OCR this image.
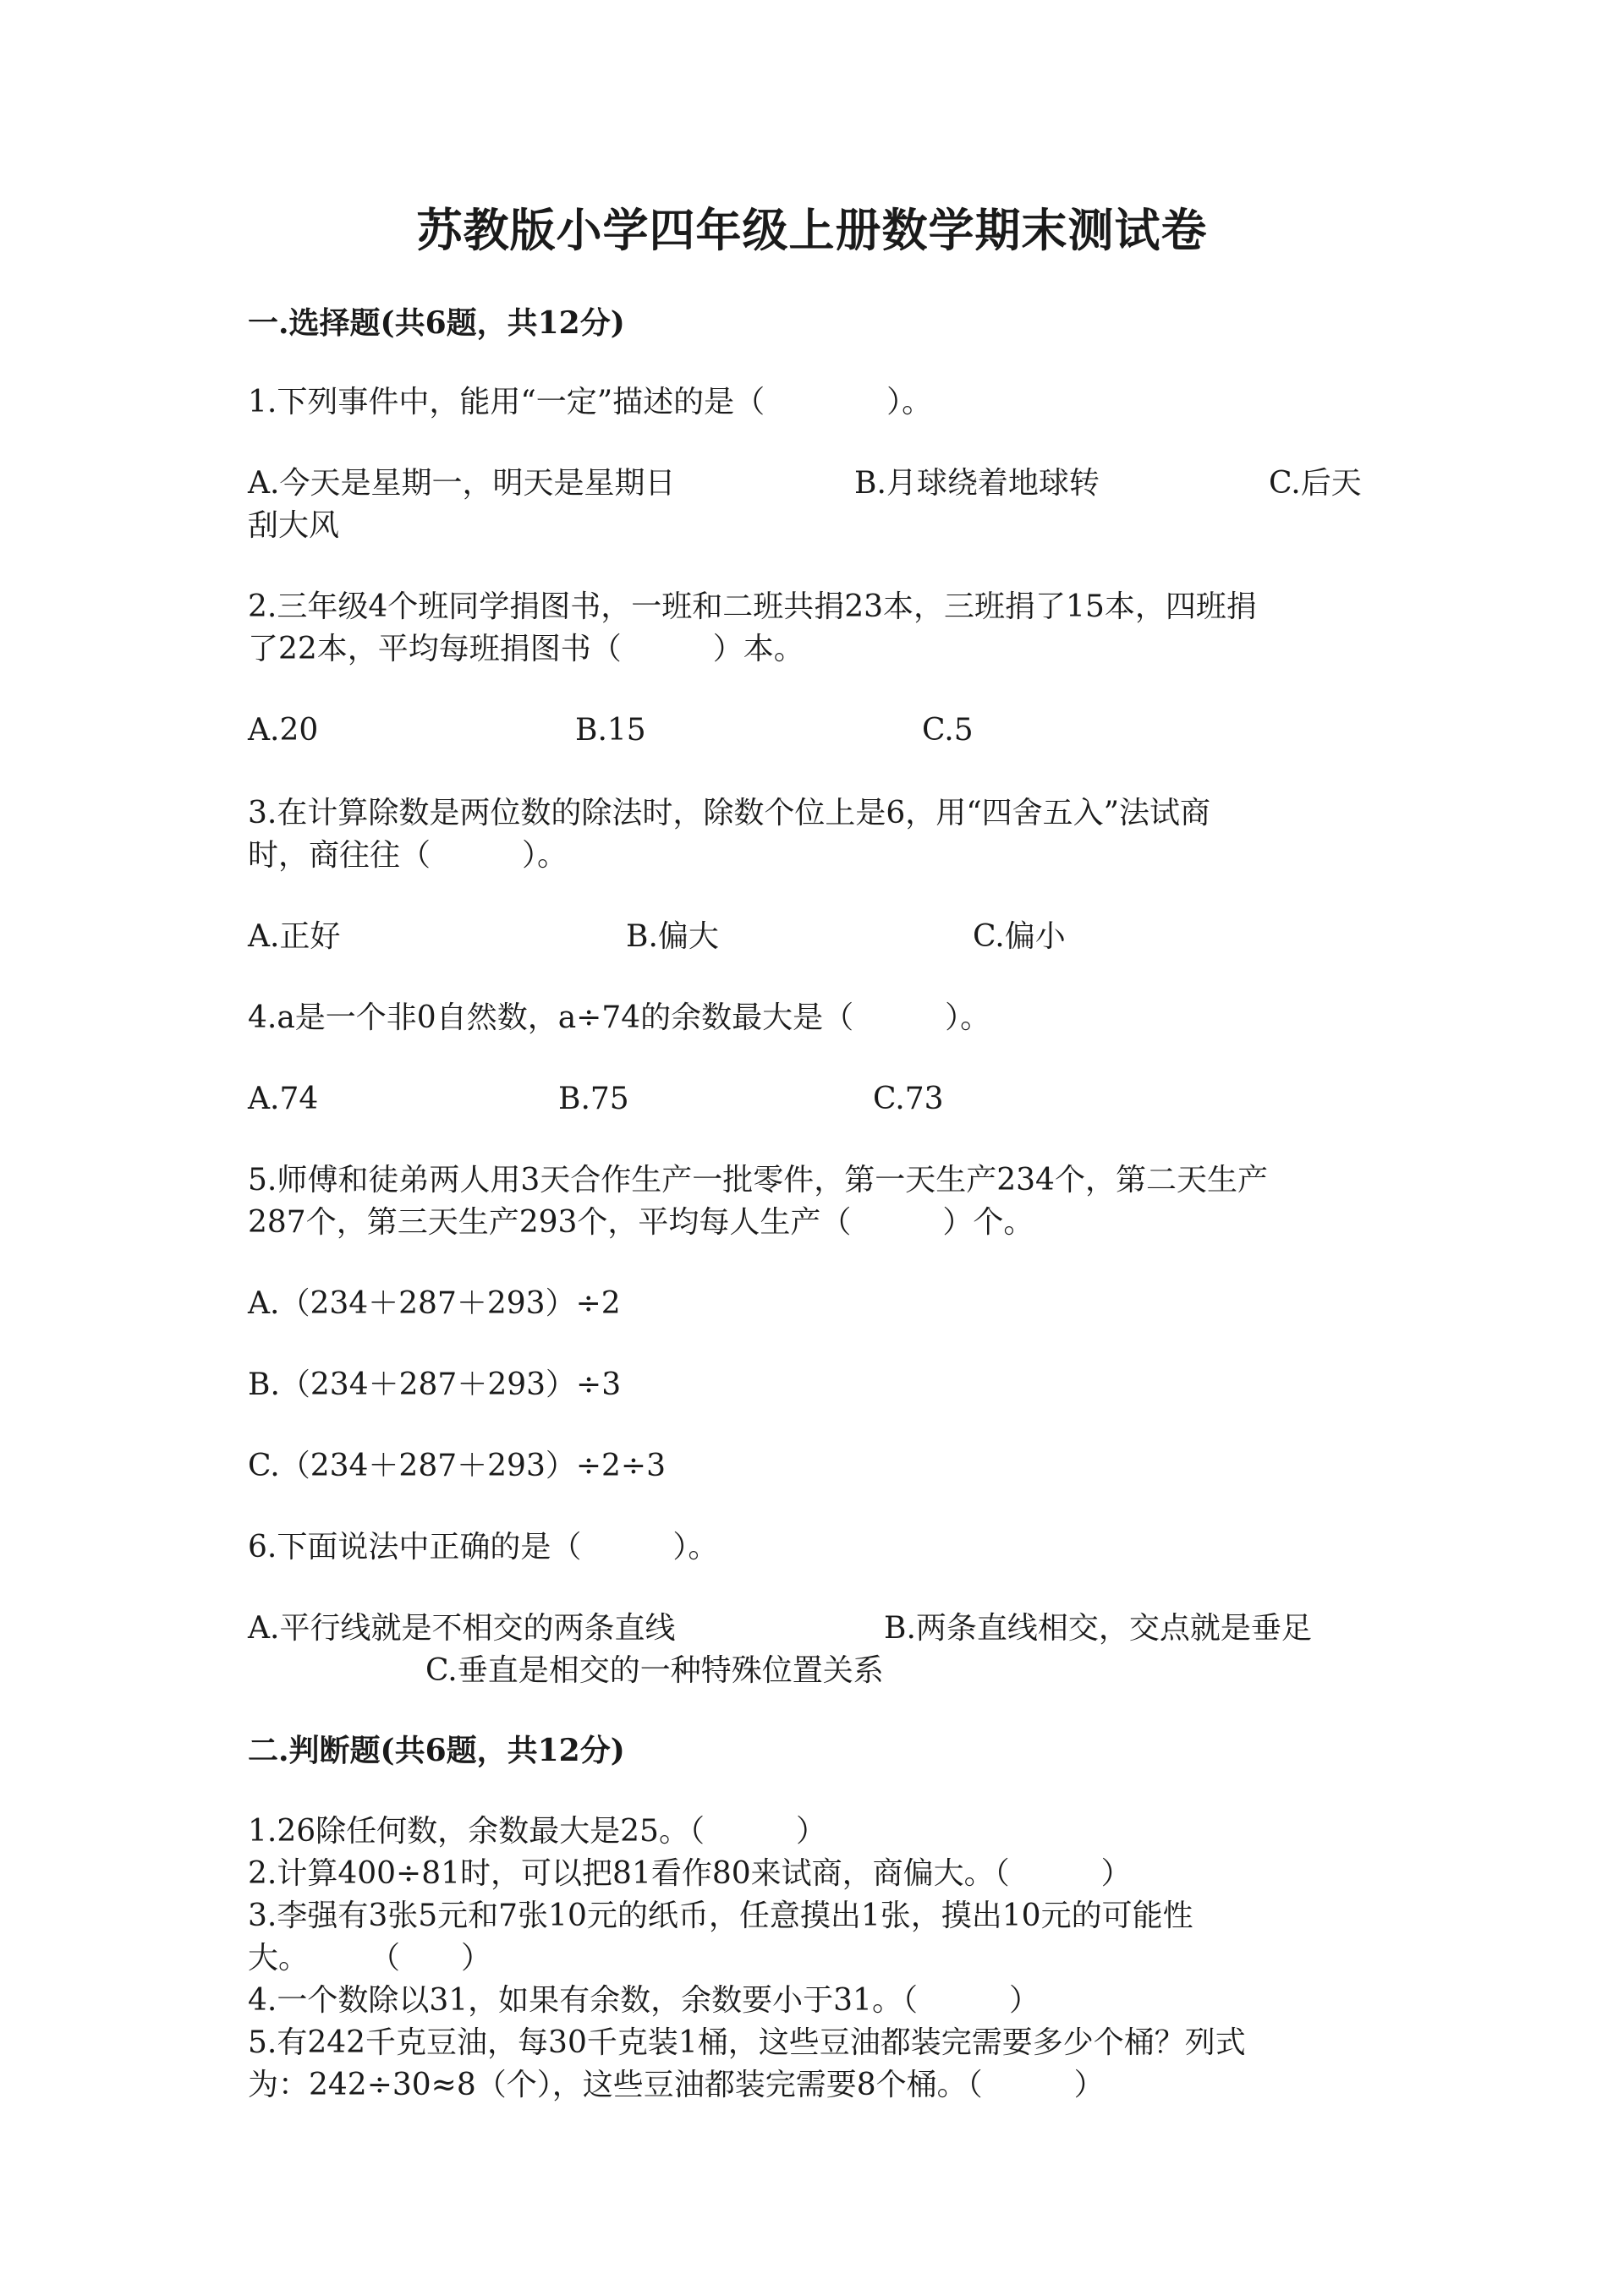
苏教版小学四年级上册数学期末测试卷
一.选择题(共6题，共12分)
1.下列事件中，能用“一定”描述的是（　　　　）。
A.今天是星期一，明天是星期日	B.月球绕着地球转	C.后天
刮大风
2.三年级4个班同学捐图书，一班和二班共捐23本，三班捐了15本，四班捐
了22本，平均每班捐图书（　　　）本。
A.20	B.15	C.5
3.在计算除数是两位数的除法时，除数个位上是6，用“四舍五入”法试商
时，商往往（　　　）。
A.正好	B.偏大	C.偏小
4.a是一个非0自然数，a÷74的余数最大是（　　　）。
A.74	B.75	C.73
5.师傅和徒弟两人用3天合作生产一批零件，第一天生产234个，第二天生产
287个，第三天生产293个，平均每人生产（　　　）个。
A.（234＋287＋293）÷2
B.（234＋287＋293）÷3
C.（234＋287＋293）÷2÷3
6.下面说法中正确的是（　　　）。
A.平行线就是不相交的两条直线	B.两条直线相交，交点就是垂足
C.垂直是相交的一种特殊位置关系
二.判断题(共6题，共12分)
1.26除任何数，余数最大是25。（　　　）
2.计算400÷81时，可以把81看作80来试商，商偏大。（　　　）
3.李强有3张5元和7张10元的纸币，任意摸出1张，摸出10元的可能性
大。　　　（　　）
4.一个数除以31，如果有余数，余数要小于31。（　　　）
5.有242千克豆油，每30千克装1桶，这些豆油都装完需要多少个桶？列式
为：242÷30≈8（个），这些豆油都装完需要8个桶。（　　　）
